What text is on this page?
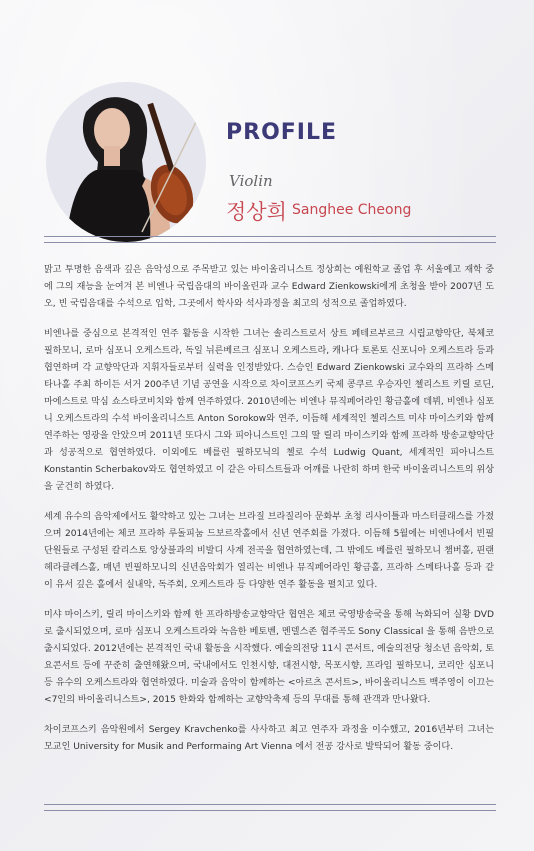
PROFILE
Violin
정상희 Sanghee Cheong

맑고 투명한 음색과 깊은 음악성으로 주목받고 있는 바이올리니스트 정상희는 예원학교 졸업 후 서울예고 재학 중에 그의 재능을 눈여겨 본 비엔나 국립음대의 바이올린과 교수 Edward Zienkowski에게 초청을 받아 2007년 도오, 빈 국립음대를 수석으로 입학, 그곳에서 학사와 석사과정을 최고의 성적으로 졸업하였다.

비엔나를 중심으로 본격적인 연주 활동을 시작한 그녀는 솔리스트로서 상트 페테르부르크 시립교향악단, 북체코 필하모니, 로마 심포니 오케스트라, 독일 뉘른베르크 심포니 오케스트라, 캐나다 토론토 신포니아 오케스트라 등과 협연하며 각 교향악단과 지휘자들로부터 실력을 인정받았다. 스승인 Edward Zienkowski 교수와의 프라하 스메타나홀 주최 하이든 서거 200주년 기념 공연을 시작으로 차이코프스키 국제 콩쿠르 우승자인 첼리스트 키릴 로딘, 마에스트로 막심 쇼스타코비치와 함께 연주하였다. 2010년에는 비엔나 뮤직페어라인 황금홀에 데뷔, 비엔나 심포니 오케스트라의 수석 바이올리니스트 Anton Sorokow와 연주, 이듬해 세계적인 첼리스트 미샤 마이스키와 함께 연주하는 영광을 안았으며 2011년 또다시 그와 피아니스트인 그의 딸 릴리 마이스키와 함께 프라하 방송교향악단과 성공적으로 협연하였다. 이외에도 베를린 필하모닉의 첼로 수석 Ludwig Quant, 세계적인 피아니스트 Konstantin Scherbakov와도 협연하였고 이 같은 아티스트들과 어깨를 나란히 하며 한국 바이올리니스트의 위상을 굳건히 하였다.

세계 유수의 음악제에서도 활약하고 있는 그녀는 브라질 브라질리아 문화부 초청 리사이틀과 마스터클래스를 가졌으며 2014년에는 체코 프라하 루돌피눔 드보르작홀에서 신년 연주회를 가졌다. 이듬해 5월에는 비엔나에서 빈필 단원들로 구성된 칼리스토 앙상블과의 비발디 사계 전곡을 협연하였는데, 그 밖에도 베를린 필하모니 챔버홀, 핀랜 헤라클레스홀, 매년 빈필하모니의 신년음악회가 열리는 비엔나 뮤직페어라인 황금홀, 프라하 스메타나홀 등과 같이 유서 깊은 홀에서 실내악, 독주회, 오케스트라 등 다양한 연주 활동을 펼치고 있다.

미샤 마이스키, 릴리 마이스키와 함께 한 프라하방송교향악단 협연은 체코 국영방송국을 통해 녹화되어 실황 DVD로 출시되었으며, 로마 심포니 오케스트라와 녹음한 베토벤, 멘델스존 협주곡도 Sony Classical 을 통해 음반으로 출시되었다. 2012년에는 본격적인 국내 활동을 시작했다. 예술의전당 11시 콘서트, 예술의전당 청소년 음악회, 토요콘서트 등에 꾸준히 출연해왔으며, 국내에서도 인천시향, 대전시향, 목포시향, 프라임 필하모니, 코리안 심포니 등 유수의 오케스트라와 협연하였다. 미술과 음악이 함께하는 <아르츠 콘서트>, 바이올리니스트 백주영이 이끄는 <7인의 바이올리니스트>, 2015 한화와 함께하는 교향악축제 등의 무대를 통해 관객과 만나왔다.

차이코프스키 음악원에서 Sergey Kravchenko를 사사하고 최고 연주자 과정을 이수했고, 2016년부터 그녀는 모교인 University for Musik and Performaing Art Vienna 에서 전공 강사로 발탁되어 활동 중이다.
